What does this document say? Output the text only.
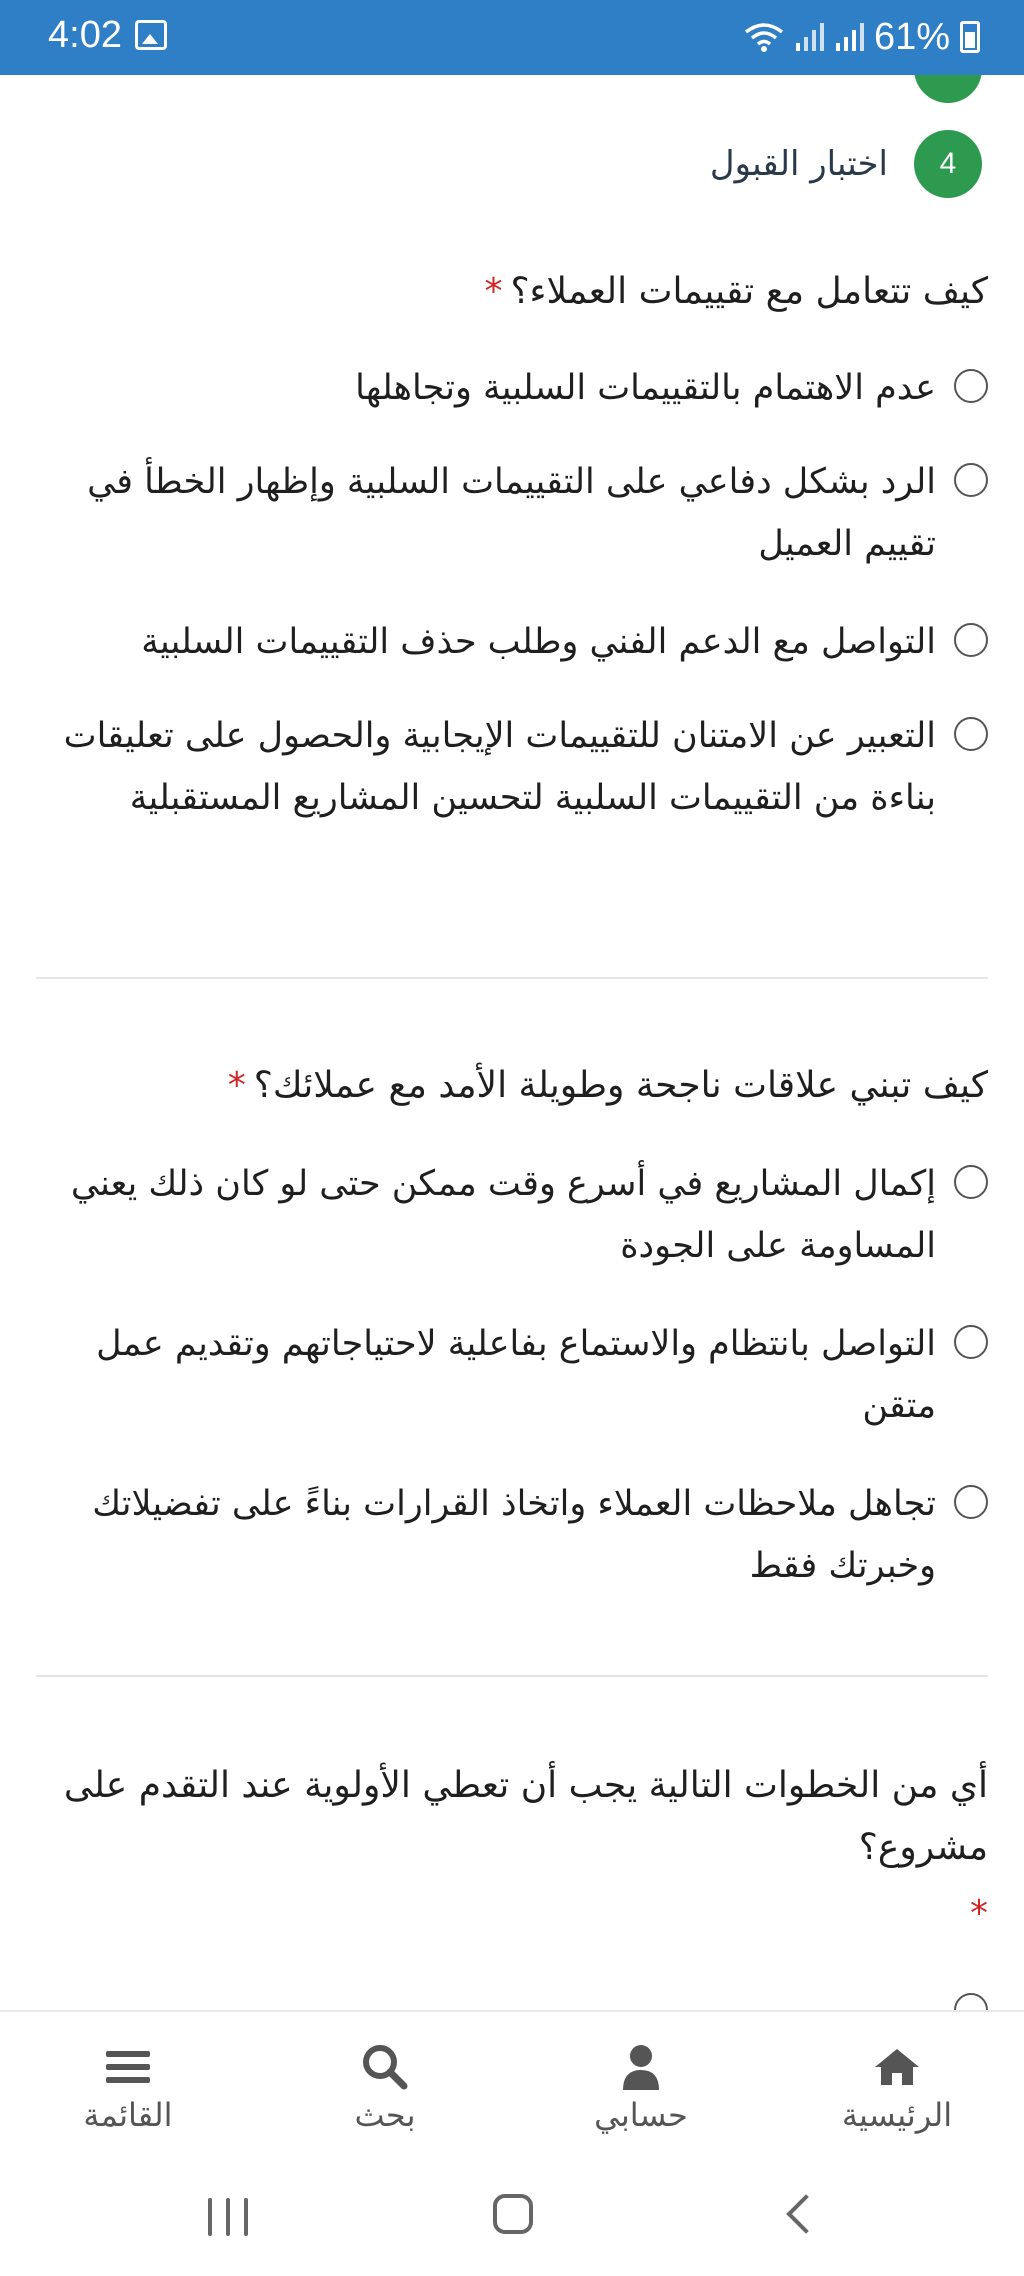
4:02	61%
4
اختبار القبول
كيف تتعامل مع تقييمات العملاء؟*
عدم الاهتمام بالتقييمات السلبية وتجاهلها
الرد بشكل دفاعي على التقييمات السلبية وإظهار الخطأ في تقييم العميل
التواصل مع الدعم الفني وطلب حذف التقييمات السلبية
التعبير عن الامتنان للتقييمات الإيجابية والحصول على تعليقات بناءة من التقييمات السلبية لتحسين المشاريع المستقبلية
كيف تبني علاقات ناجحة وطويلة الأمد مع عملائك؟*
إكمال المشاريع في أسرع وقت ممكن حتى لو كان ذلك يعني المساومة على الجودة
التواصل بانتظام والاستماع بفاعلية لاحتياجاتهم وتقديم عمل متقن
تجاهل ملاحظات العملاء واتخاذ القرارات بناءً على تفضيلاتك وخبرتك فقط
أي من الخطوات التالية يجب أن تعطي الأولوية عند التقدم على مشروع؟
*
الرئيسية
حسابي
بحث
القائمة
